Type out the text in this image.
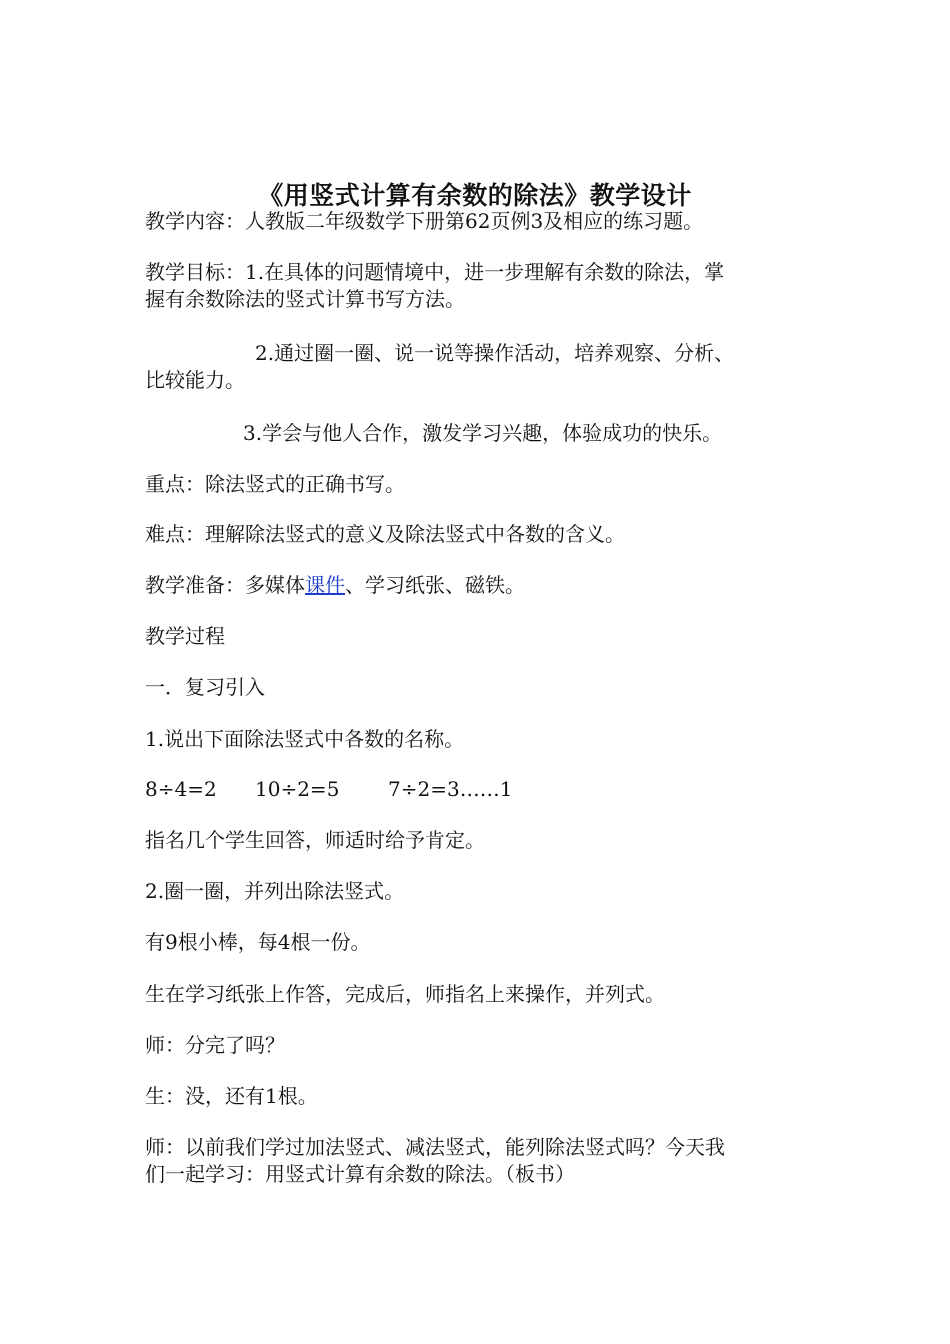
《用竖式计算有余数的除法》教学设计
教学内容：人教版二年级数学下册第62页例3及相应的练习题。
教学目标：1.在具体的问题情境中，进一步理解有余数的除法，掌
握有余数除法的竖式计算书写方法。
2.通过圈一圈、说一说等操作活动，培养观察、分析、
比较能力。
3.学会与他人合作，激发学习兴趣，体验成功的快乐。
重点：除法竖式的正确书写。
难点：理解除法竖式的意义及除法竖式中各数的含义。
教学准备：多媒体课件、学习纸张、磁铁。
教学过程
一．复习引入
1.说出下面除法竖式中各数的名称。
8÷4=2 10÷2=5 7÷2=3……1
指名几个学生回答，师适时给予肯定。
2.圈一圈，并列出除法竖式。
有9根小棒，每4根一份。
生在学习纸张上作答，完成后，师指名上来操作，并列式。
师：分完了吗？
生：没，还有1根。
师：以前我们学过加法竖式、减法竖式，能列除法竖式吗？今天我
们一起学习：用竖式计算有余数的除法。（板书）
